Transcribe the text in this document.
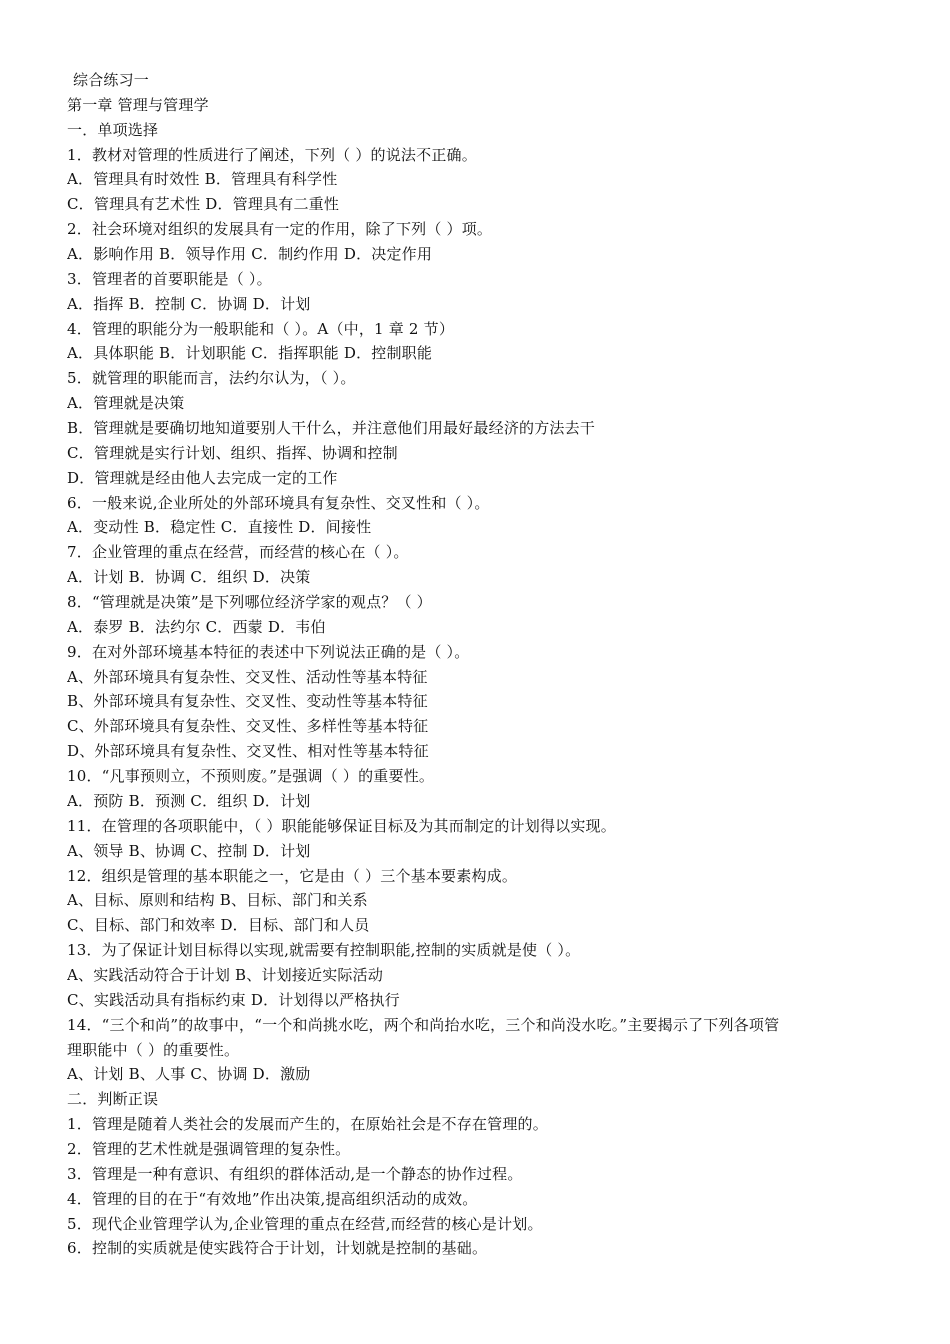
综合练习一
第一章 管理与管理学
一．单项选择
1．教材对管理的性质进行了阐述，下列（ ）的说法不正确。
A．管理具有时效性 B．管理具有科学性
C．管理具有艺术性 D．管理具有二重性
2．社会环境对组织的发展具有一定的作用，除了下列（ ）项。
A．影响作用 B．领导作用 C．制约作用 D．决定作用
3．管理者的首要职能是（ ）。
A．指挥 B．控制 C．协调 D．计划
4．管理的职能分为一般职能和（ ）。A（中，1 章 2 节）
A．具体职能 B．计划职能 C．指挥职能 D．控制职能
5．就管理的职能而言，法约尔认为，（ ）。
A．管理就是决策
B．管理就是要确切地知道要别人干什么，并注意他们用最好最经济的方法去干
C．管理就是实行计划、组织、指挥、协调和控制
D．管理就是经由他人去完成一定的工作
6．一般来说,企业所处的外部环境具有复杂性、交叉性和（ ）。
A．变动性 B．稳定性 C．直接性 D．间接性
7．企业管理的重点在经营，而经营的核心在（ ）。
A．计划 B．协调 C．组织 D．决策
8．“管理就是决策”是下列哪位经济学家的观点？（ ）
A．泰罗 B．法约尔 C．西蒙 D．韦伯
9．在对外部环境基本特征的表述中下列说法正确的是（ ）。
A、外部环境具有复杂性、交叉性、活动性等基本特征
B、外部环境具有复杂性、交叉性、变动性等基本特征
C、外部环境具有复杂性、交叉性、多样性等基本特征
D、外部环境具有复杂性、交叉性、相对性等基本特征
10．“凡事预则立，不预则废。”是强调（ ）的重要性。
A．预防 B．预测 C．组织 D．计划
11．在管理的各项职能中，（ ）职能能够保证目标及为其而制定的计划得以实现。
A、领导 B、协调 C、控制 D．计划
12．组织是管理的基本职能之一，它是由（ ）三个基本要素构成。
A、目标、原则和结构 B、目标、部门和关系
C、目标、部门和效率 D．目标、部门和人员
13．为了保证计划目标得以实现,就需要有控制职能,控制的实质就是使（ ）。
A、实践活动符合于计划 B、计划接近实际活动
C、实践活动具有指标约束 D．计划得以严格执行
14．“三个和尚”的故事中，“一个和尚挑水吃，两个和尚抬水吃，三个和尚没水吃。”主要揭示了下列各项管
理职能中（ ）的重要性。
A、计划 B、人事 C、协调 D．激励
二．判断正误
1．管理是随着人类社会的发展而产生的，在原始社会是不存在管理的。
2．管理的艺术性就是强调管理的复杂性。
3．管理是一种有意识、有组织的群体活动,是一个静态的协作过程。
4．管理的目的在于“有效地”作出决策,提高组织活动的成效。
5．现代企业管理学认为,企业管理的重点在经营,而经营的核心是计划。
6．控制的实质就是使实践符合于计划，计划就是控制的基础。
